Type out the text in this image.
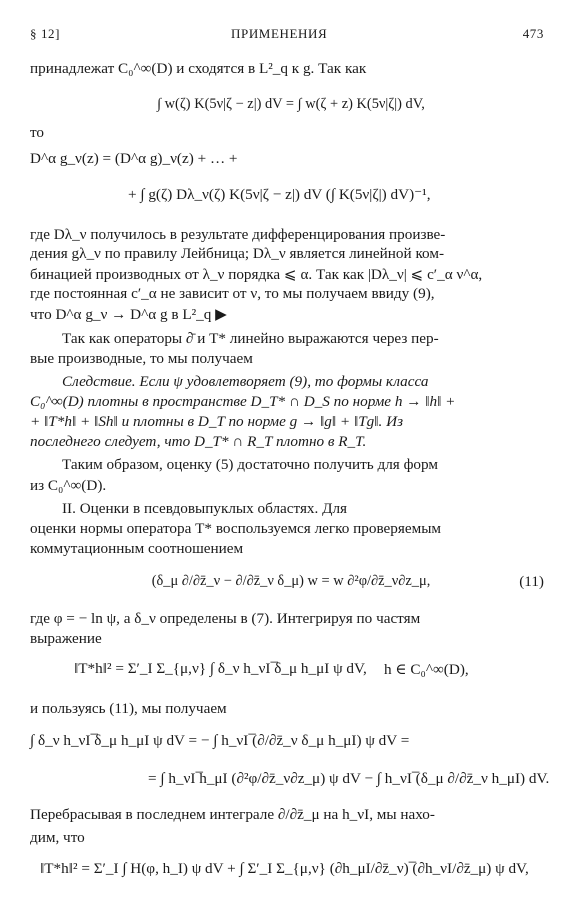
§ 12]	ПРИМЕНЕНИЯ	473
принадлежат C₀^∞(D) и сходятся в L²_q к g. Так как
∫ w(ζ) K(5ν|ζ − z|) dV = ∫ w(ζ + z) K(5ν|ζ|) dV,
то
D^α g_ν(z) = (D^α g)_ν(z) + … +
+ ∫ g(ζ) Dλ_ν(ζ) K(5ν|ζ − z|) dV (∫ K(5ν|ζ|) dV)⁻¹,
где Dλ_ν получилось в результате дифференцирования произве-
дения gλ_ν по правилу Лейбница; Dλ_ν является линейной ком-
бинацией производных от λ_ν порядка ⩽ α. Так как |Dλ_ν| ⩽ c′_α ν^α,
где постоянная c′_α не зависит от ν, то мы получаем ввиду (9),
что D^α g_ν → D^α g в L²_q ▶
Так как операторы ∂̄ и T* линейно выражаются через пер-
вые производные, то мы получаем
Следствие. Если ψ удовлетворяет (9), то формы класса
C₀^∞(D) плотны в пространстве D_T* ∩ D_S по норме h → ‖h‖ +
+ ‖T*h‖ + ‖Sh‖ и плотны в D_T по норме g → ‖g‖ + ‖Tg‖. Из
последнего следует, что D_T* ∩ R_T плотно в R_T.
Таким образом, оценку (5) достаточно получить для форм
из C₀^∞(D).
II. Оценки в псевдовыпуклых областях. Для
оценки нормы оператора T* воспользуемся легко проверяемым
коммутационным соотношением
(δ_μ ∂/∂z̄_ν − ∂/∂z̄_ν δ_μ) w = w ∂²φ/∂z̄_ν∂z_μ,	(11)
где φ = − ln ψ, а δ_ν определены в (7). Интегрируя по частям
выражение
‖T*h‖² = Σ′_I Σ_{μ,ν} ∫ δ_ν h_νI ̅δ_μ h_μI ψ dV, h ∈ C₀^∞(D),
и пользуясь (11), мы получаем
∫ δ_ν h_νI ̅δ_μ h_μI ψ dV = − ∫ h_νI ̅(∂/∂z̄_ν δ_μ h_μI) ψ dV =
= ∫ h_νI ̅h_μI (∂²φ/∂z̄_ν∂z_μ) ψ dV − ∫ h_νI ̅(δ_μ ∂/∂z̄_ν h_μI) dV.
Перебрасывая в последнем интеграле ∂/∂z̄_μ на h_νI, мы нахо-
дим, что
‖T*h‖² = Σ′_I ∫ H(φ, h_I) ψ dV + ∫ Σ′_I Σ_{μ,ν} (∂h_μI/∂z̄_ν) ̅(∂h_νI/∂z̄_μ) ψ dV,
